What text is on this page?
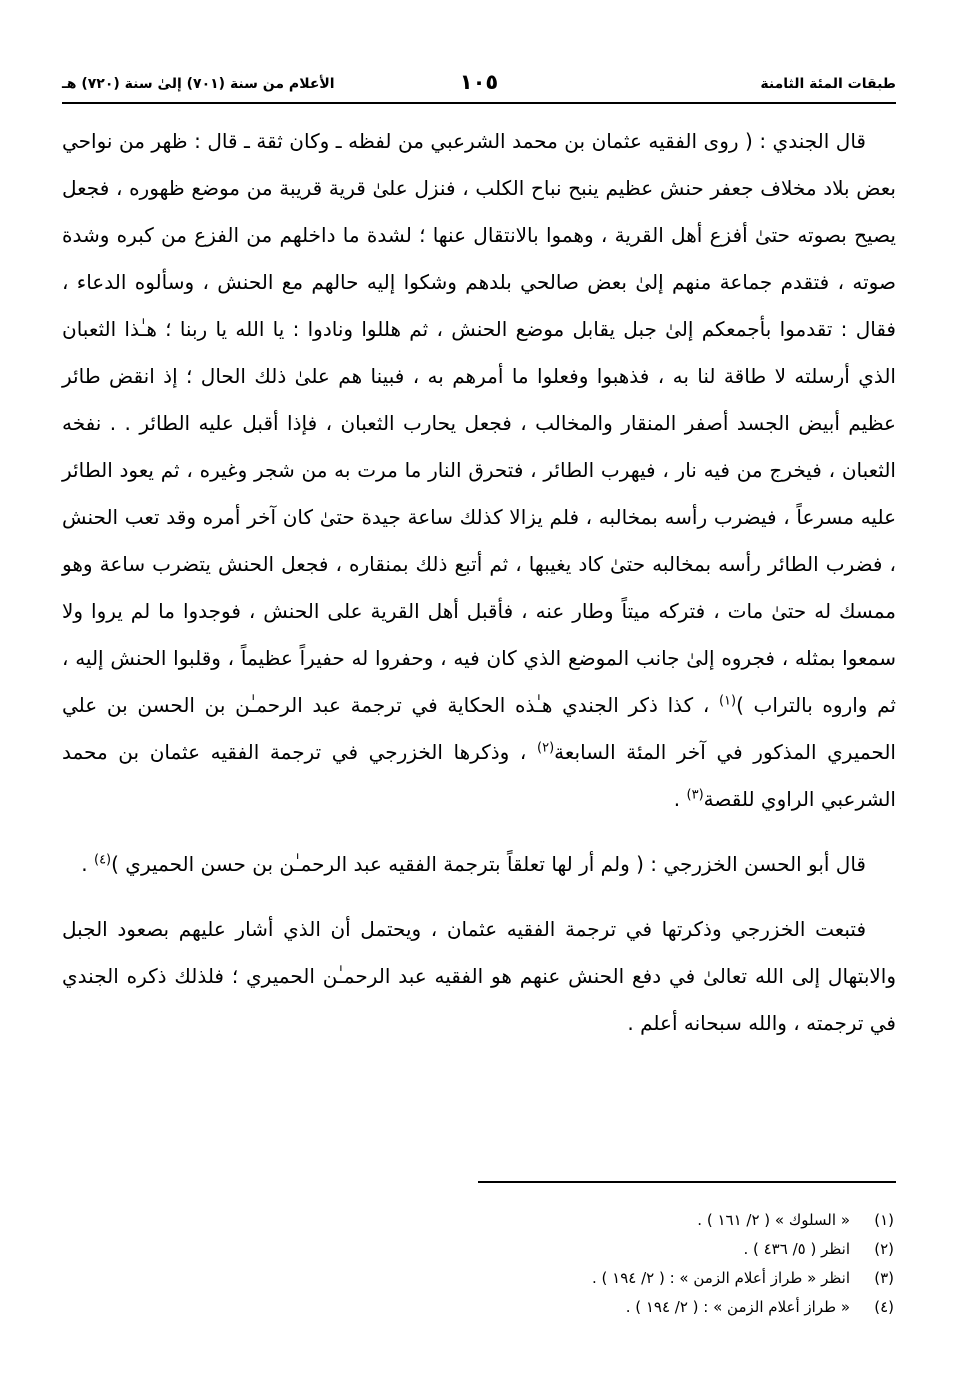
طبقات المئة الثامنة
١٠٥
الأعلام من سنة (٧٠١) إلىٰ سنة (٧٢٠) هـ

قال الجندي : ( روى الفقيه عثمان بن محمد الشرعبي من لفظه ـ وكان ثقة ـ قال : ظهر من نواحي بعض بلاد مخلاف جعفر حنش عظيم ينبح نباح الكلب ، فنزل علىٰ قرية قريبة من موضع ظهوره ، فجعل يصيح بصوته حتىٰ أفزع أهل القرية ، وهموا بالانتقال عنها ؛ لشدة ما داخلهم من الفزع من كبره وشدة صوته ، فتقدم جماعة منهم إلىٰ بعض صالحي بلدهم وشكوا إليه حالهم مع الحنش ، وسألوه الدعاء ، فقال : تقدموا بأجمعكم إلىٰ جبل يقابل موضع الحنش ، ثم هللوا ونادوا : يا الله يا ربنا ؛ هـٰذا الثعبان الذي أرسلته لا طاقة لنا به ، فذهبوا وفعلوا ما أمرهم به ، فبينا هم علىٰ ذلك الحال ؛ إذ انقض طائر عظيم أبيض الجسد أصفر المنقار والمخالب ، فجعل يحارب الثعبان ، فإذا أقبل عليه الطائر . . نفخه الثعبان ، فيخرج من فيه نار ، فيهرب الطائر ، فتحرق النار ما مرت به من شجر وغيره ، ثم يعود الطائر عليه مسرعاً ، فيضرب رأسه بمخالبه ، فلم يزالا كذلك ساعة جيدة حتىٰ كان آخر أمره وقد تعب الحنش ، فضرب الطائر رأسه بمخالبه حتىٰ كاد يغيبها ، ثم أتبع ذلك بمنقاره ، فجعل الحنش يتضرب ساعة وهو ممسك له حتىٰ مات ، فتركه ميتاً وطار عنه ، فأقبل أهل القرية على الحنش ، فوجدوا ما لم يروا ولا سمعوا بمثله ، فجروه إلىٰ جانب الموضع الذي كان فيه ، وحفروا له حفيراً عظيماً ، وقلبوا الحنش إليه ، ثم واروه بالتراب )$^{(١)}$ ، كذا ذكر الجندي هـٰذه الحكاية في ترجمة عبد الرحمـٰن بن الحسن بن علي الحميري المذكور في آخر المئة السابعة$^{(٢)}$ ، وذكرها الخزرجي في ترجمة الفقيه عثمان بن محمد الشرعبي الراوي للقصة$^{(٣)}$ .

قال أبو الحسن الخزرجي : ( ولم أر لها تعلقاً بترجمة الفقيه عبد الرحمـٰن بن حسن الحميري )$^{(٤)}$ .

فتبعت الخزرجي وذكرتها في ترجمة الفقيه عثمان ، ويحتمل أن الذي أشار عليهم بصعود الجبل والابتهال إلى الله تعالىٰ في دفع الحنش عنهم هو الفقيه عبد الرحمـٰن الحميري ؛ فلذلك ذكره الجندي في ترجمته ، والله سبحانه أعلم .

(١)
« السلوك » ( ٢/ ١٦١ ) .
(٢)
انظر ( ٥/ ٤٣٦ ) .
(٣)
انظر « طراز أعلام الزمن » : ( ٢/ ١٩٤ ) .
(٤)
« طراز أعلام الزمن » : ( ٢/ ١٩٤ ) .
